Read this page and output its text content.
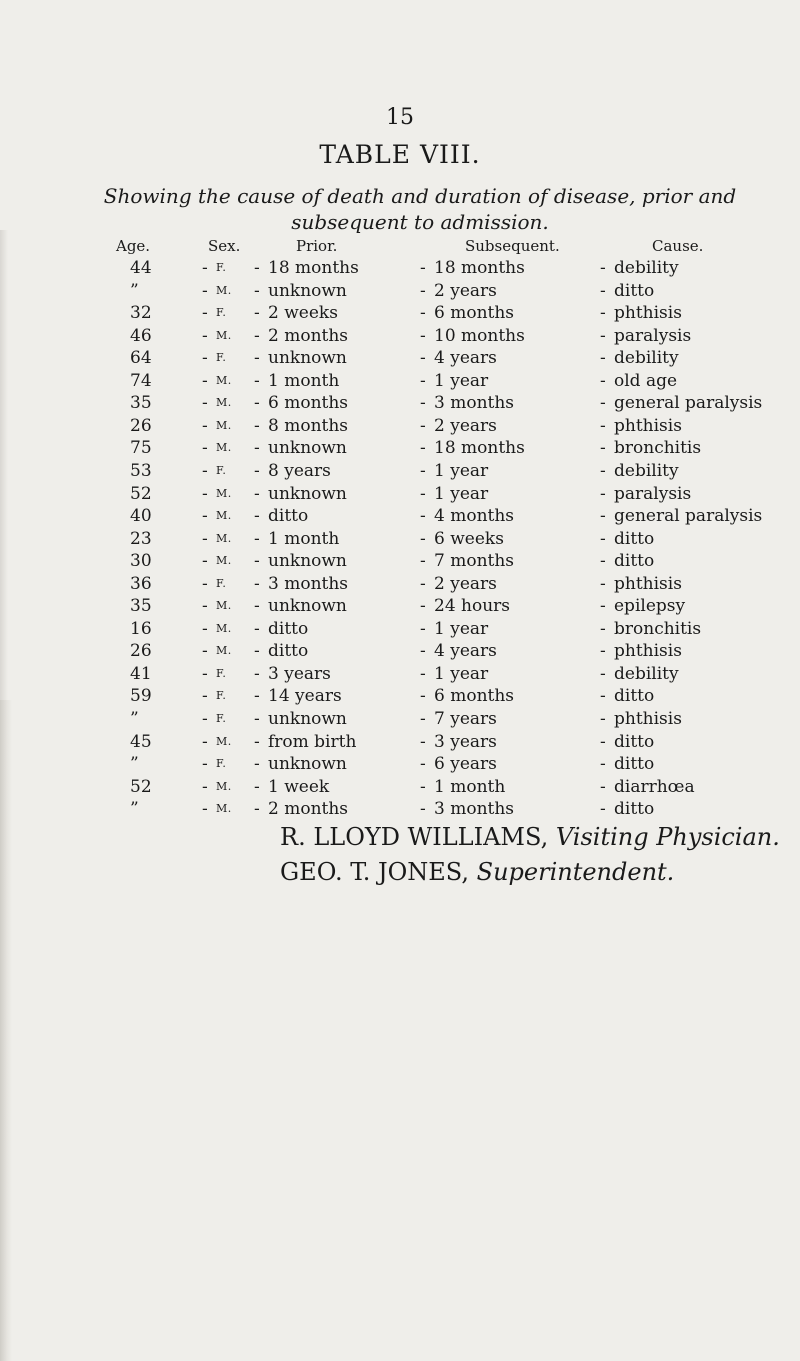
15
TABLE VIII.
Showing the cause of death and duration of disease, prior and subsequent to admission.
Age.	Sex.	Prior.	Subsequent.	Cause.
44	- F. - 18 months	- 18 months	- debility
”	- M. - unknown	- 2 years	- ditto
32	- F. - 2 weeks	- 6 months	- phthisis
46	- M. - 2 months	- 10 months	- paralysis
64	- F. - unknown	- 4 years	- debility
74	- M. - 1 month	- 1 year	- old age
35	- M. - 6 months	- 3 months	- general paralysis
26	- M. - 8 months	- 2 years	- phthisis
75	- M. - unknown	- 18 months	- bronchitis
53	- F. - 8 years	- 1 year	- debility
52	- M. - unknown	- 1 year	- paralysis
40	- M. - ditto	- 4 months	- general paralysis
23	- M. - 1 month	- 6 weeks	- ditto
30	- M. - unknown	- 7 months	- ditto
36	- F. - 3 months	- 2 years	- phthisis
35	- M. - unknown	- 24 hours	- epilepsy
16	- M. - ditto	- 1 year	- bronchitis
26	- M. - ditto	- 4 years	- phthisis
41	- F. - 3 years	- 1 year	- debility
59	- F. - 14 years	- 6 months	- ditto
”	- F. - unknown	- 7 years	- phthisis
45	- M. - from birth	- 3 years	- ditto
”	- F. - unknown	- 6 years	- ditto
52	- M. - 1 week	- 1 month	- diarrhœa
”	- M. - 2 months	- 3 months	- ditto
R. LLOYD WILLIAMS, Visiting Physician.
GEO. T. JONES, Superintendent.
